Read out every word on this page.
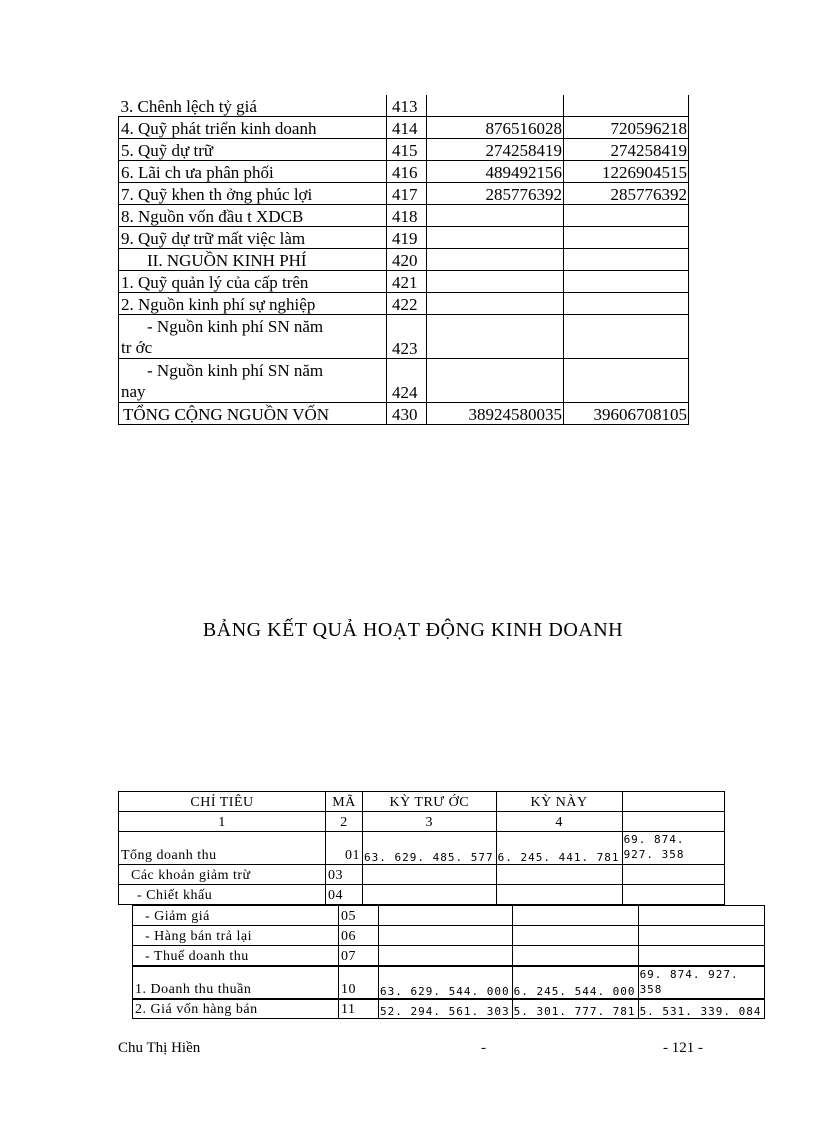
3. Chênh lệch tỷ giá	413		
4. Quỹ phát triển kinh doanh	414	876516028	720596218
5. Quỹ dự trữ	415	274258419	274258419
6. Lãi ch ưa phân phối	416	489492156	1226904515
7. Quỹ khen th ởng phúc lợi	417	285776392	285776392
8. Nguồn vốn đầu t XDCB	418		
9. Quỹ dự trữ mất việc làm	419		
II. NGUỒN KINH PHÍ	420		
1. Quỹ quản lý của cấp trên	421		
2. Nguồn kinh phí sự nghiệp	422		

- Nguồn kinh phí SN năm
tr ớc	423		

- Nguồn kinh phí SN năm
nay	424		
TỔNG CỘNG NGUỒN VỐN	430	38924580035	39606708105
BẢNG KẾT QUẢ HOẠT ĐỘNG KINH DOANH
CHỈ TIÊU	MÃ	KỲ TRƯ ỚC	KỲ NÀY	
1	2	3	4	
Tổng doanh thu	01	63. 629. 485. 577	6. 245. 441. 781	69. 874. 927. 358
Các khoản giảm trừ	03			
- Chiết khấu	04			
- Giảm giá	05			
- Hàng bán trả lại	06			
- Thuế doanh thu	07			
1. Doanh thu thuần	10	63. 629. 544. 000	6. 245. 544. 000	69. 874. 927. 358
2. Giá vốn hàng bán	11	52. 294. 561. 303	5. 301. 777. 781	5. 531. 339. 084
Chu Thị Hiền	-	- 121 -
